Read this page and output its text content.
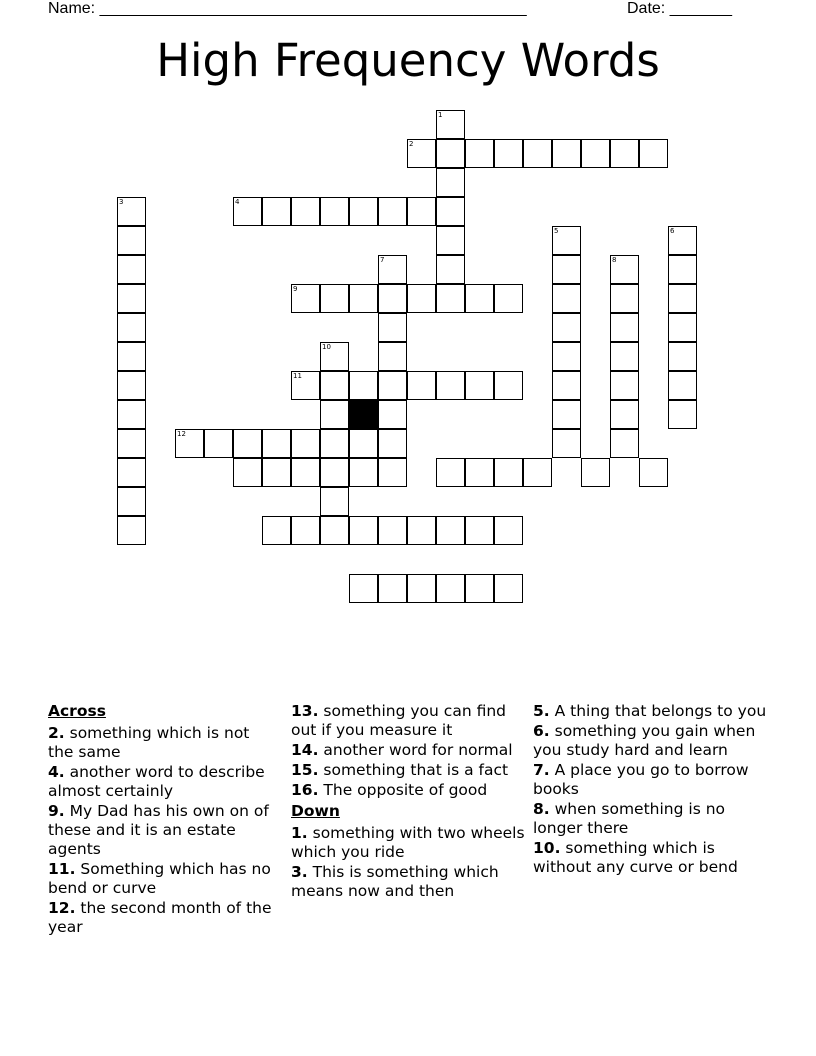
Name: ________________________________________________	Date: _______
High Frequency Words
1
2
3	4
5	6
8
7
9
10
11
12
Across
2. something which is not the same
4. another word to describe almost certainly
9. My Dad has his own on of these and it is an estate agents
11. Something which has no bend or curve
12. the second month of the year
13. something you can find out if you measure it
14. another word for normal
15. something that is a fact
16. The opposite of good
Down
1. something with two wheels which you ride
3. This is something which means now and then
5. A thing that belongs to you
6. something you gain when you study hard and learn
7. A place you go to borrow books
8. when something is no longer there
10. something which is without any curve or bend
